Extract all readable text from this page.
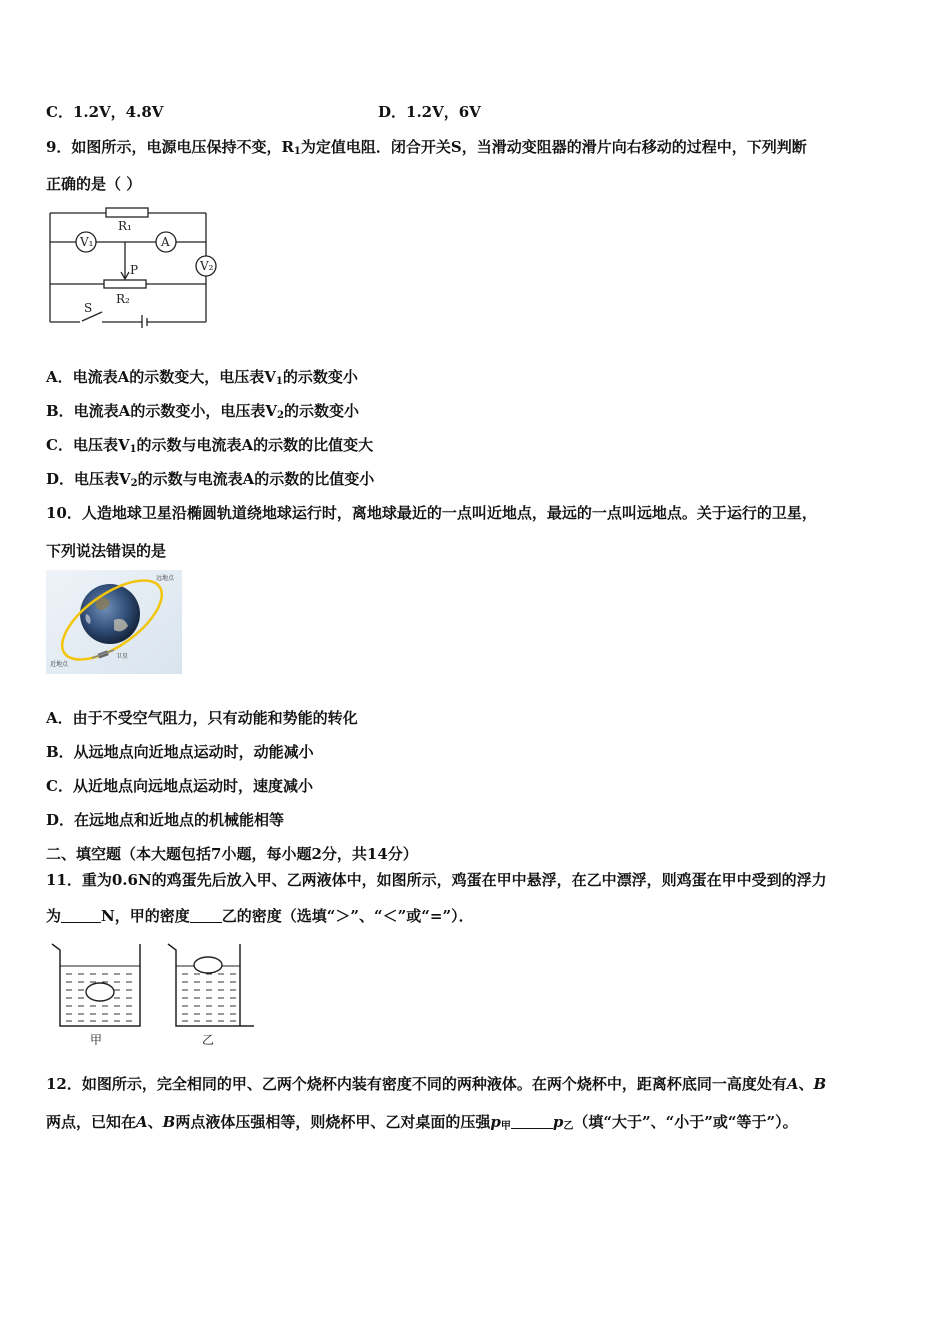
C．1.2V，4.8V	D．1.2V，6V
9．如图所示，电源电压保持不变，$R_1$为定值电阻．闭合开关S，当滑动变阻器的滑片向右移动的过程中，下列判断
正确的是（ ）
R₁
V₁	A
V₂
P
R₂
S
A．电流表A的示数变大，电压表$V_1$的示数变小
B．电流表A的示数变小，电压表$V_2$的示数变小
C．电压表$V_1$的示数与电流表A的示数的比值变大
D．电压表$V_2$的示数与电流表A的示数的比值变小
10．人造地球卫星沿椭圆轨道绕地球运行时，离地球最近的一点叫近地点，最远的一点叫远地点。关于运行的卫星，
下列说法错误的是
远地点
近地点
卫星
A．由于不受空气阻力，只有动能和势能的转化
B．从远地点向近地点运动时，动能减小
C．从近地点向远地点运动时，速度减小
D．在远地点和近地点的机械能相等
二、填空题（本大题包括7小题，每小题2分，共14分）
11．重为0.6N的鸡蛋先后放入甲、乙两液体中，如图所示，鸡蛋在甲中悬浮，在乙中漂浮，则鸡蛋在甲中受到的浮力
为	N，甲的密度 乙的密度（选填“＞”、“＜”或“=”）．
甲	乙
12．如图所示，完全相同的甲、乙两个烧杯内装有密度不同的两种液体。在两个烧杯中，距离杯底同一高度处有A、B
两点，已知在A、B两点液体压强相等，则烧杯甲、乙对桌面的压强$p_甲$	$p_乙$（填“大于”、“小于”或“等于”）。
